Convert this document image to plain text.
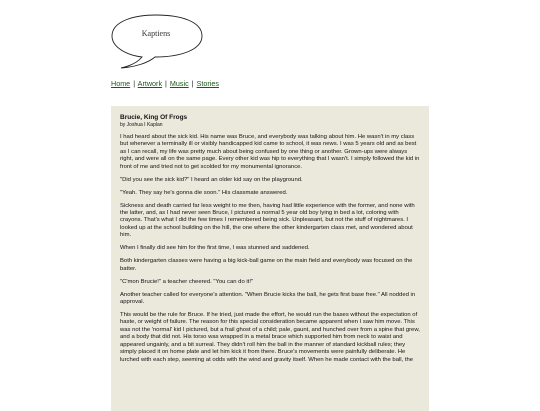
Kaptiens
Home | Artwork | Music | Stories
Brucie, King Of Frogs
by Joshua I Kaplan

I had heard about the sick kid. His name was Bruce, and everybody was talking about him. He wasn't in my class but whenever a terminally ill or visibly handicapped kid came to school, it was news. I was 5 years old and as best as I can recall, my life was pretty much about being confused by one thing or another. Grown-ups were always right, and were all on the same page. Every other kid was hip to everything that I wasn't. I simply followed the kid in front of me and tried not to get scolded for my monumental ignorance.

"Did you see the sick kid?" I heard an older kid say on the playground.

"Yeah. They say he's gonna die soon." His classmate answered.

Sickness and death carried far less weight to me then, having had little experience with the former, and none with the latter, and, as I had never seen Bruce, I pictured a normal 5 year old boy lying in bed a lot, coloring with crayons. That's what I did the few times I remembered being sick. Unpleasant, but not the stuff of nightmares. I looked up at the school building on the hill, the one where the other kindergarten class met, and wondered about him.

When I finally did see him for the first time, I was stunned and saddened.

Both kindergarten classes were having a big kick-ball game on the main field and everybody was focused on the batter.

"C'mon Brucie!" a teacher cheered. "You can do it!"

Another teacher called for everyone's attention. "When Brucie kicks the ball, he gets first base free." All nodded in approval.

This would be the rule for Bruce. If he tried, just made the effort, he would run the bases without the expectation of haste, or weight of failure. The reason for this special consideration became apparent when I saw him move. This was not the 'normal' kid I pictured, but a frail ghost of a child; pale, gaunt, and hunched over from a spine that grew, and a body that did not. His torso was wrapped in a metal brace which supported him from neck to waist and appeared ungainly, and a bit surreal. They didn't roll him the ball in the manner of standard kickball rules; they simply placed it on home plate and let him kick it from there. Bruce's movements were painfully deliberate. He lurched with each step, seeming at odds with the wind and gravity itself. When he made contact with the ball, the
